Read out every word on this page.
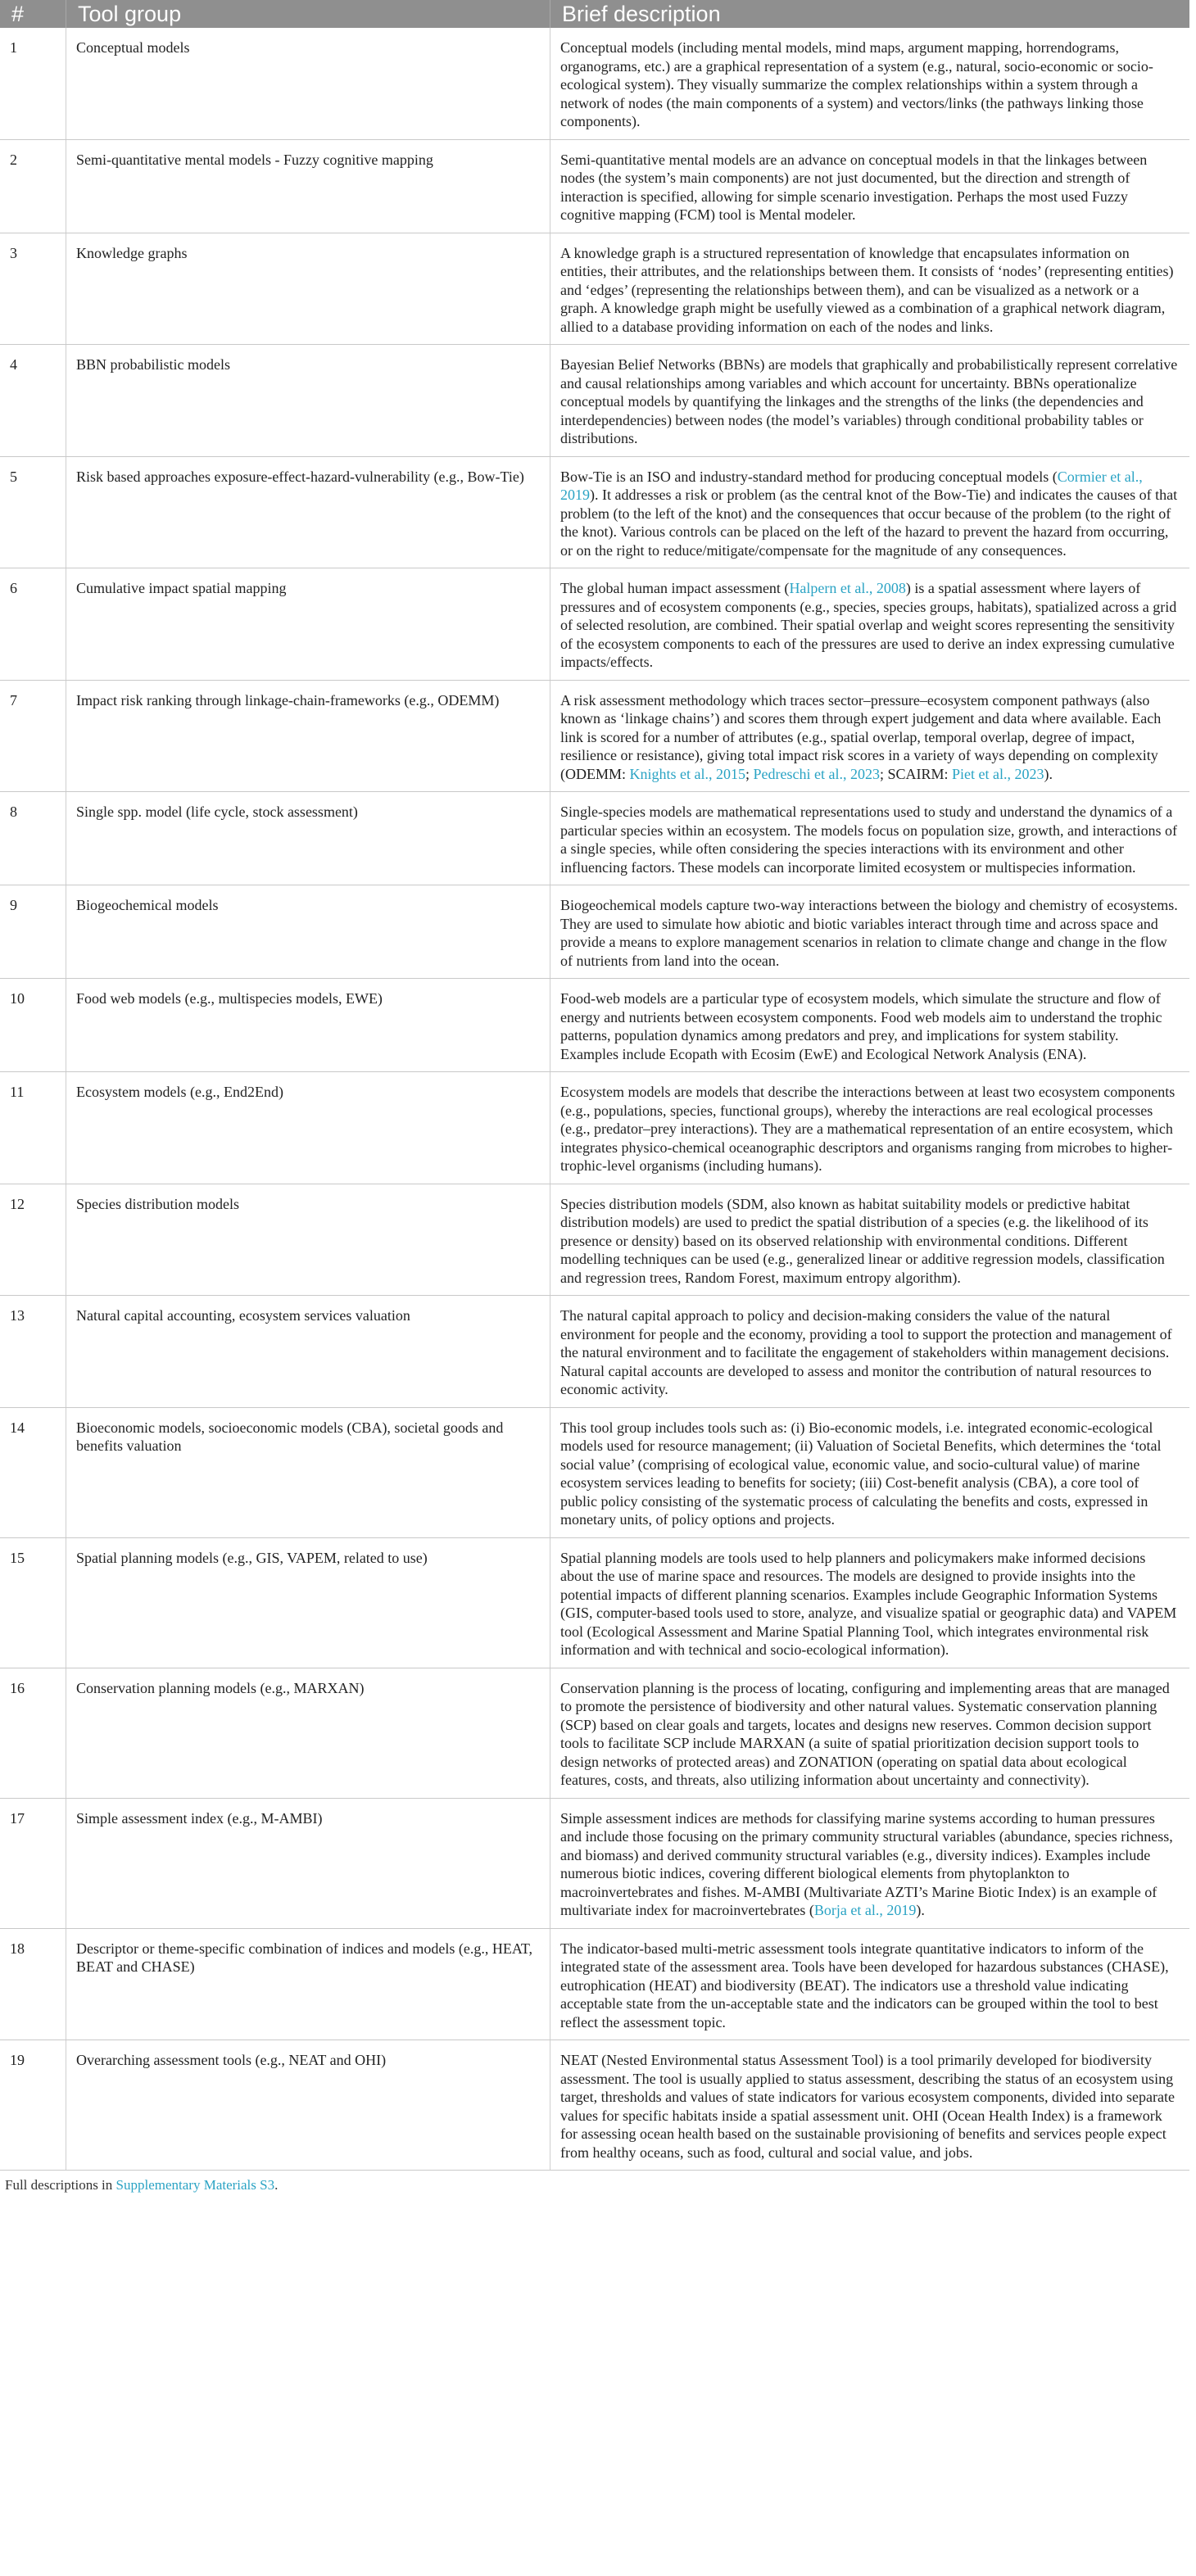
#	Tool group	Brief description
1	Conceptual models	Conceptual models (including mental models, mind maps, argument mapping, horrendograms, organograms, etc.) are a graphical representation of a system (e.g., natural, socio-economic or socio-ecological system). They visually summarize the complex relationships within a system through a network of nodes (the main components of a system) and vectors/links (the pathways linking those components).
2	Semi-quantitative mental models - Fuzzy cognitive mapping	Semi-quantitative mental models are an advance on conceptual models in that the linkages between nodes (the system’s main components) are not just documented, but the direction and strength of interaction is specified, allowing for simple scenario investigation. Perhaps the most used Fuzzy cognitive mapping (FCM) tool is Mental modeler.
3	Knowledge graphs	A knowledge graph is a structured representation of knowledge that encapsulates information on entities, their attributes, and the relationships between them. It consists of ‘nodes’ (representing entities) and ‘edges’ (representing the relationships between them), and can be visualized as a network or a graph. A knowledge graph might be usefully viewed as a combination of a graphical network diagram, allied to a database providing information on each of the nodes and links.
4	BBN probabilistic models	Bayesian Belief Networks (BBNs) are models that graphically and probabilistically represent correlative and causal relationships among variables and which account for uncertainty. BBNs operationalize conceptual models by quantifying the linkages and the strengths of the links (the dependencies and interdependencies) between nodes (the model’s variables) through conditional probability tables or distributions.
5	Risk based approaches exposure-effect-hazard-vulnerability (e.g., Bow-Tie)	Bow-Tie is an ISO and industry-standard method for producing conceptual models (Cormier et al., 2019). It addresses a risk or problem (as the central knot of the Bow-Tie) and indicates the causes of that problem (to the left of the knot) and the consequences that occur because of the problem (to the right of the knot). Various controls can be placed on the left of the hazard to prevent the hazard from occurring, or on the right to reduce/mitigate/compensate for the magnitude of any consequences.
6	Cumulative impact spatial mapping	The global human impact assessment (Halpern et al., 2008) is a spatial assessment where layers of pressures and of ecosystem components (e.g., species, species groups, habitats), spatialized across a grid of selected resolution, are combined. Their spatial overlap and weight scores representing the sensitivity of the ecosystem components to each of the pressures are used to derive an index expressing cumulative impacts/effects.
7	Impact risk ranking through linkage-chain-frameworks (e.g., ODEMM)	A risk assessment methodology which traces sector–pressure–ecosystem component pathways (also known as ‘linkage chains’) and scores them through expert judgement and data where available. Each link is scored for a number of attributes (e.g., spatial overlap, temporal overlap, degree of impact, resilience or resistance), giving total impact risk scores in a variety of ways depending on complexity (ODEMM: Knights et al., 2015; Pedreschi et al., 2023; SCAIRM: Piet et al., 2023).
8	Single spp. model (life cycle, stock assessment)	Single-species models are mathematical representations used to study and understand the dynamics of a particular species within an ecosystem. The models focus on population size, growth, and interactions of a single species, while often considering the species interactions with its environment and other influencing factors. These models can incorporate limited ecosystem or multispecies information.
9	Biogeochemical models	Biogeochemical models capture two-way interactions between the biology and chemistry of ecosystems. They are used to simulate how abiotic and biotic variables interact through time and across space and provide a means to explore management scenarios in relation to climate change and change in the flow of nutrients from land into the ocean.
10	Food web models (e.g., multispecies models, EWE)	Food-web models are a particular type of ecosystem models, which simulate the structure and flow of energy and nutrients between ecosystem components. Food web models aim to understand the trophic patterns, population dynamics among predators and prey, and implications for system stability. Examples include Ecopath with Ecosim (EwE) and Ecological Network Analysis (ENA).
11	Ecosystem models (e.g., End2End)	Ecosystem models are models that describe the interactions between at least two ecosystem components (e.g., populations, species, functional groups), whereby the interactions are real ecological processes (e.g., predator–prey interactions). They are a mathematical representation of an entire ecosystem, which integrates physico-chemical oceanographic descriptors and organisms ranging from microbes to higher-trophic-level organisms (including humans).
12	Species distribution models	Species distribution models (SDM, also known as habitat suitability models or predictive habitat distribution models) are used to predict the spatial distribution of a species (e.g. the likelihood of its presence or density) based on its observed relationship with environmental conditions. Different modelling techniques can be used (e.g., generalized linear or additive regression models, classification and regression trees, Random Forest, maximum entropy algorithm).
13	Natural capital accounting, ecosystem services valuation	The natural capital approach to policy and decision-making considers the value of the natural environment for people and the economy, providing a tool to support the protection and management of the natural environment and to facilitate the engagement of stakeholders within management decisions. Natural capital accounts are developed to assess and monitor the contribution of natural resources to economic activity.
14	Bioeconomic models, socioeconomic models (CBA), societal goods and benefits valuation	This tool group includes tools such as: (i) Bio-economic models, i.e. integrated economic-ecological models used for resource management; (ii) Valuation of Societal Benefits, which determines the ‘total social value’ (comprising of ecological value, economic value, and socio-cultural value) of marine ecosystem services leading to benefits for society; (iii) Cost-benefit analysis (CBA), a core tool of public policy consisting of the systematic process of calculating the benefits and costs, expressed in monetary units, of policy options and projects.
15	Spatial planning models (e.g., GIS, VAPEM, related to use)	Spatial planning models are tools used to help planners and policymakers make informed decisions about the use of marine space and resources. The models are designed to provide insights into the potential impacts of different planning scenarios. Examples include Geographic Information Systems (GIS, computer-based tools used to store, analyze, and visualize spatial or geographic data) and VAPEM tool (Ecological Assessment and Marine Spatial Planning Tool, which integrates environmental risk information and with technical and socio-ecological information).
16	Conservation planning models (e.g., MARXAN)	Conservation planning is the process of locating, configuring and implementing areas that are managed to promote the persistence of biodiversity and other natural values. Systematic conservation planning (SCP) based on clear goals and targets, locates and designs new reserves. Common decision support tools to facilitate SCP include MARXAN (a suite of spatial prioritization decision support tools to design networks of protected areas) and ZONATION (operating on spatial data about ecological features, costs, and threats, also utilizing information about uncertainty and connectivity).
17	Simple assessment index (e.g., M-AMBI)	Simple assessment indices are methods for classifying marine systems according to human pressures and include those focusing on the primary community structural variables (abundance, species richness, and biomass) and derived community structural variables (e.g., diversity indices). Examples include numerous biotic indices, covering different biological elements from phytoplankton to macroinvertebrates and fishes. M-AMBI (Multivariate AZTI’s Marine Biotic Index) is an example of multivariate index for macroinvertebrates (Borja et al., 2019).
18	Descriptor or theme-specific combination of indices and models (e.g., HEAT, BEAT and CHASE)	The indicator-based multi-metric assessment tools integrate quantitative indicators to inform of the integrated state of the assessment area. Tools have been developed for hazardous substances (CHASE), eutrophication (HEAT) and biodiversity (BEAT). The indicators use a threshold value indicating acceptable state from the un-acceptable state and the indicators can be grouped within the tool to best reflect the assessment topic.
19	Overarching assessment tools (e.g., NEAT and OHI)	NEAT (Nested Environmental status Assessment Tool) is a tool primarily developed for biodiversity assessment. The tool is usually applied to status assessment, describing the status of an ecosystem using target, thresholds and values of state indicators for various ecosystem components, divided into separate values for specific habitats inside a spatial assessment unit. OHI (Ocean Health Index) is a framework for assessing ocean health based on the sustainable provisioning of benefits and services people expect from healthy oceans, such as food, cultural and social value, and jobs.
Full descriptions in Supplementary Materials S3.
